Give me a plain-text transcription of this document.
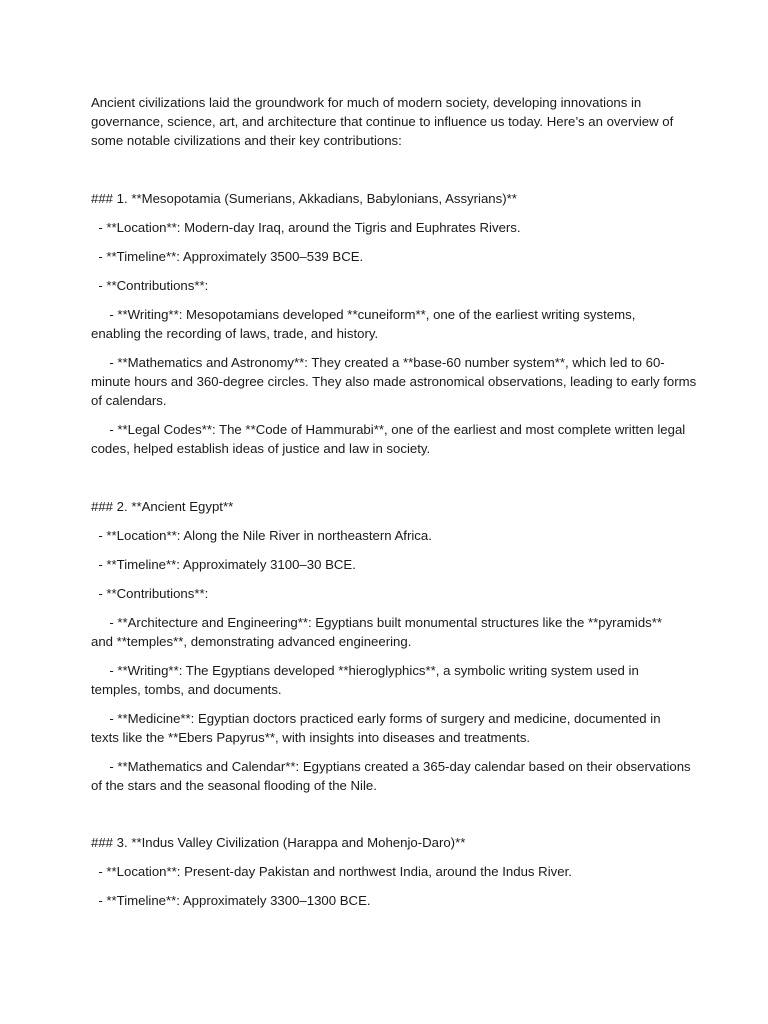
Ancient civilizations laid the groundwork for much of modern society, developing innovations in
governance, science, art, and architecture that continue to influence us today. Here’s an overview of
some notable civilizations and their key contributions:
### 1. **Mesopotamia (Sumerians, Akkadians, Babylonians, Assyrians)**
- **Location**: Modern-day Iraq, around the Tigris and Euphrates Rivers.
- **Timeline**: Approximately 3500–539 BCE.
- **Contributions**:
- **Writing**: Mesopotamians developed **cuneiform**, one of the earliest writing systems,
enabling the recording of laws, trade, and history.
- **Mathematics and Astronomy**: They created a **base-60 number system**, which led to 60-
minute hours and 360-degree circles. They also made astronomical observations, leading to early forms
of calendars.
- **Legal Codes**: The **Code of Hammurabi**, one of the earliest and most complete written legal
codes, helped establish ideas of justice and law in society.
### 2. **Ancient Egypt**
- **Location**: Along the Nile River in northeastern Africa.
- **Timeline**: Approximately 3100–30 BCE.
- **Contributions**:
- **Architecture and Engineering**: Egyptians built monumental structures like the **pyramids**
and **temples**, demonstrating advanced engineering.
- **Writing**: The Egyptians developed **hieroglyphics**, a symbolic writing system used in
temples, tombs, and documents.
- **Medicine**: Egyptian doctors practiced early forms of surgery and medicine, documented in
texts like the **Ebers Papyrus**, with insights into diseases and treatments.
- **Mathematics and Calendar**: Egyptians created a 365-day calendar based on their observations
of the stars and the seasonal flooding of the Nile.
### 3. **Indus Valley Civilization (Harappa and Mohenjo-Daro)**
- **Location**: Present-day Pakistan and northwest India, around the Indus River.
- **Timeline**: Approximately 3300–1300 BCE.
